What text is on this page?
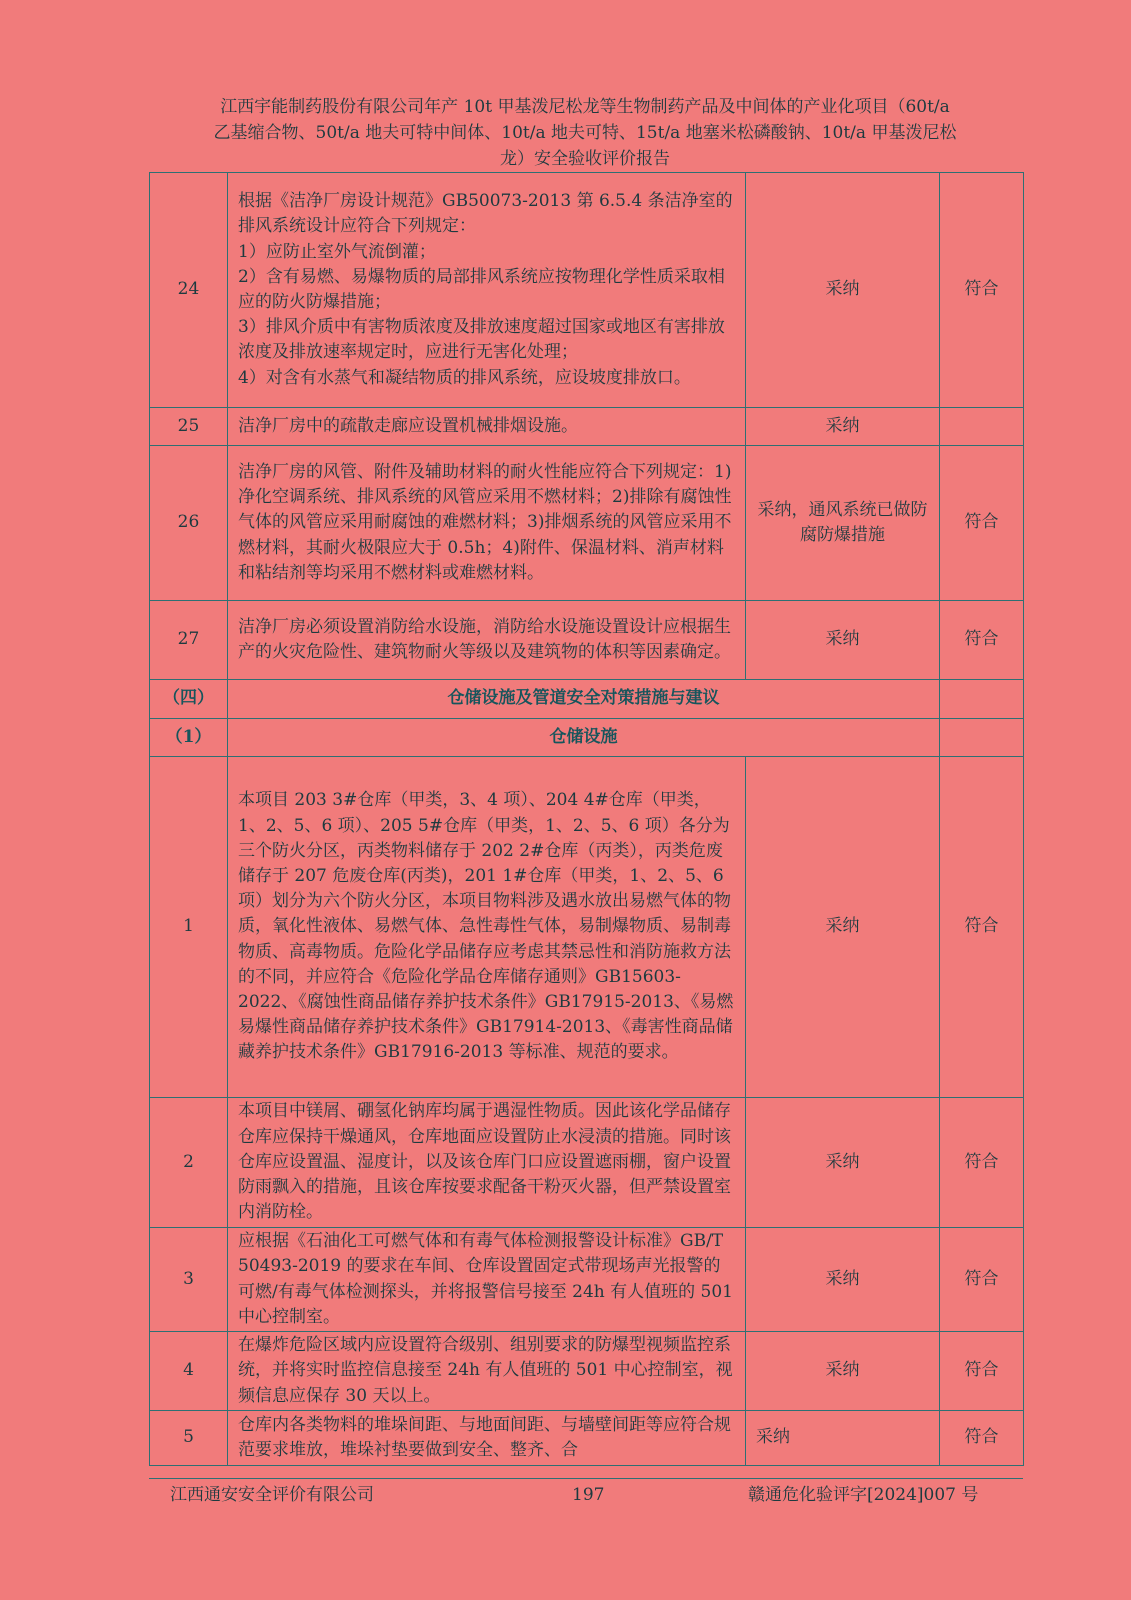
江西宇能制药股份有限公司年产 10t 甲基泼尼松龙等生物制药产品及中间体的产业化项目（60t/a
乙基缩合物、50t/a 地夫可特中间体、10t/a 地夫可特、15t/a 地塞米松磷酸钠、10t/a 甲基泼尼松
龙）安全验收评价报告
24	根据《洁净厂房设计规范》GB50073-2013 第 6.5.4 条洁净室的排风系统设计应符合下列规定：
1）应防止室外气流倒灌；
2）含有易燃、易爆物质的局部排风系统应按物理化学性质采取相应的防火防爆措施；
3）排风介质中有害物质浓度及排放速度超过国家或地区有害排放浓度及排放速率规定时，应进行无害化处理；
4）对含有水蒸气和凝结物质的排风系统，应设坡度排放口。	采纳	符合
25	洁净厂房中的疏散走廊应设置机械排烟设施。	采纳	
26	洁净厂房的风管、附件及辅助材料的耐火性能应符合下列规定：1)净化空调系统、排风系统的风管应采用不燃材料；2)排除有腐蚀性气体的风管应采用耐腐蚀的难燃材料；3)排烟系统的风管应采用不燃材料，其耐火极限应大于 0.5h；4)附件、保温材料、消声材料和粘结剂等均采用不燃材料或难燃材料。	采纳，通风系统已做防腐防爆措施	符合
27	洁净厂房必须设置消防给水设施，消防给水设施设置设计应根据生产的火灾危险性、建筑物耐火等级以及建筑物的体积等因素确定。	采纳	符合
（四）	仓储设施及管道安全对策措施与建议		
（1）	仓储设施		
1	本项目 203 3#仓库（甲类，3、4 项）、204 4#仓库（甲类，1、2、5、6 项）、205 5#仓库（甲类，1、2、5、6 项）各分为三个防火分区，丙类物料储存于 202 2#仓库（丙类），丙类危废储存于 207 危废仓库(丙类)，201 1#仓库（甲类，1、2、5、6 项）划分为六个防火分区，本项目物料涉及遇水放出易燃气体的物质，氧化性液体、易燃气体、急性毒性气体，易制爆物质、易制毒物质、高毒物质。危险化学品储存应考虑其禁忌性和消防施救方法的不同，并应符合《危险化学品仓库储存通则》GB15603-2022、《腐蚀性商品储存养护技术条件》GB17915-2013、《易燃易爆性商品储存养护技术条件》GB17914-2013、《毒害性商品储藏养护技术条件》GB17916-2013 等标准、规范的要求。	采纳	符合
2	本项目中镁屑、硼氢化钠库均属于遇湿性物质。因此该化学品储存仓库应保持干燥通风，仓库地面应设置防止水浸渍的措施。同时该仓库应设置温、湿度计，以及该仓库门口应设置遮雨棚，窗户设置防雨飘入的措施，且该仓库按要求配备干粉灭火器，但严禁设置室内消防栓。	采纳	符合
3	应根据《石油化工可燃气体和有毒气体检测报警设计标准》GB/T 50493-2019 的要求在车间、仓库设置固定式带现场声光报警的可燃/有毒气体检测探头，并将报警信号接至 24h 有人值班的 501 中心控制室。	采纳	符合
4	在爆炸危险区域内应设置符合级别、组别要求的防爆型视频监控系统，并将实时监控信息接至 24h 有人值班的 501 中心控制室，视频信息应保存 30 天以上。	采纳	符合
5	仓库内各类物料的堆垛间距、与地面间距、与墙壁间距等应符合规范要求堆放，堆垛衬垫要做到安全、整齐、合	采纳	符合
江西通安安全评价有限公司	197	赣通危化验评字[2024]007 号
